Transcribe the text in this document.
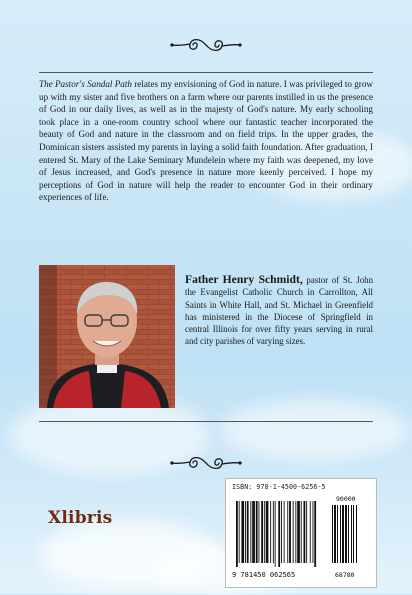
The Pastor's Sandal Path relates my envisioning of God in nature. I was privileged to grow up with my sister and five brothers on a farm where our parents instilled in us the presence of God in our daily lives, as well as in the majesty of God's nature. My early schooling took place in a one-room country school where our fantastic teacher incorporated the beauty of God and nature in the classroom and on field trips. In the upper grades, the Dominican sisters assisted my parents in laying a solid faith foundation. After graduation, I entered St. Mary of the Lake Seminary Mundelein where my faith was deepened, my love of Jesus increased, and God's presence in nature more keenly perceived. I hope my perceptions of God in nature will help the reader to encounter God in their ordinary experiences of life.

Father Henry Schmidt, pastor of St. John the Evangelist Catholic Church in Carrollton, All Saints in White Hall, and St. Michael in Greenfield has ministered in the Diocese of Springfield in central Illinois for over fifty years serving in rural and city parishes of varying sizes.

Xlibris
ISBN: 978-1-4500-6256-5
90000
9 781450 062565	68780
